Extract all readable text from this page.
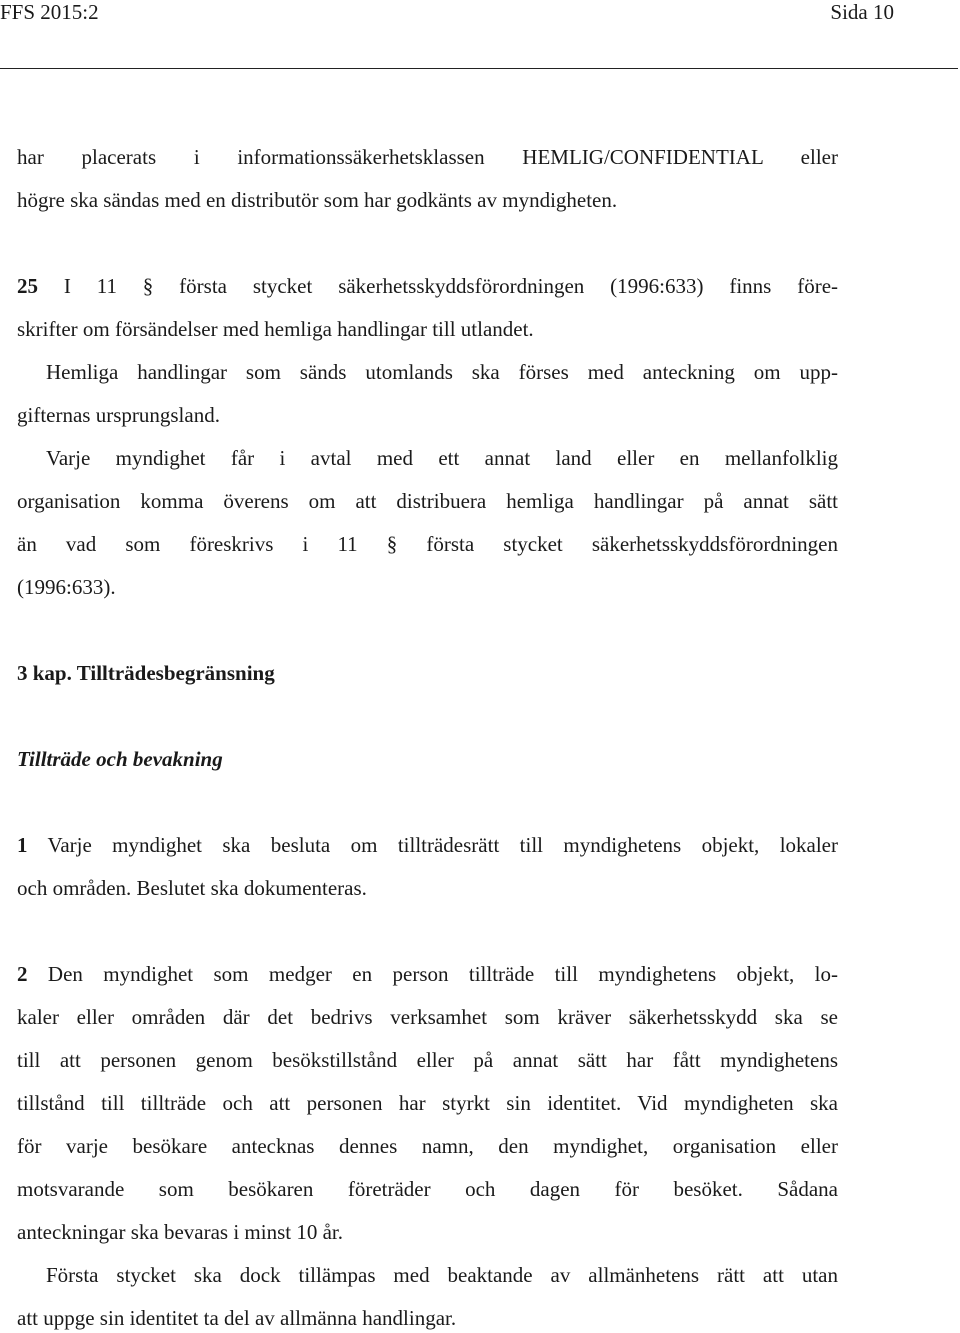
FFS 2015:2	Sida 10
har placerats i informationssäkerhetsklassen HEMLIG/CONFIDENTIAL eller
högre ska sändas med en distributör som har godkänts av myndigheten.
25 I 11 § första stycket säkerhetsskyddsförordningen (1996:633) finns före-
skrifter om försändelser med hemliga handlingar till utlandet.
Hemliga handlingar som sänds utomlands ska förses med anteckning om upp-
gifternas ursprungsland.
Varje myndighet får i avtal med ett annat land eller en mellanfolklig
organisation komma överens om att distribuera hemliga handlingar på annat sätt
än vad som föreskrivs i 11 § första stycket säkerhetsskyddsförordningen
(1996:633).
3 kap. Tillträdesbegränsning
Tillträde och bevakning
1 Varje myndighet ska besluta om tillträdesrätt till myndighetens objekt, lokaler
och områden. Beslutet ska dokumenteras.
2 Den myndighet som medger en person tillträde till myndighetens objekt, lo-
kaler eller områden där det bedrivs verksamhet som kräver säkerhetsskydd ska se
till att personen genom besökstillstånd eller på annat sätt har fått myndighetens
tillstånd till tillträde och att personen har styrkt sin identitet. Vid myndigheten ska
för varje besökare antecknas dennes namn, den myndighet, organisation eller
motsvarande som besökaren företräder och dagen för besöket. Sådana
anteckningar ska bevaras i minst 10 år.
Första stycket ska dock tillämpas med beaktande av allmänhetens rätt att utan
att uppge sin identitet ta del av allmänna handlingar.
